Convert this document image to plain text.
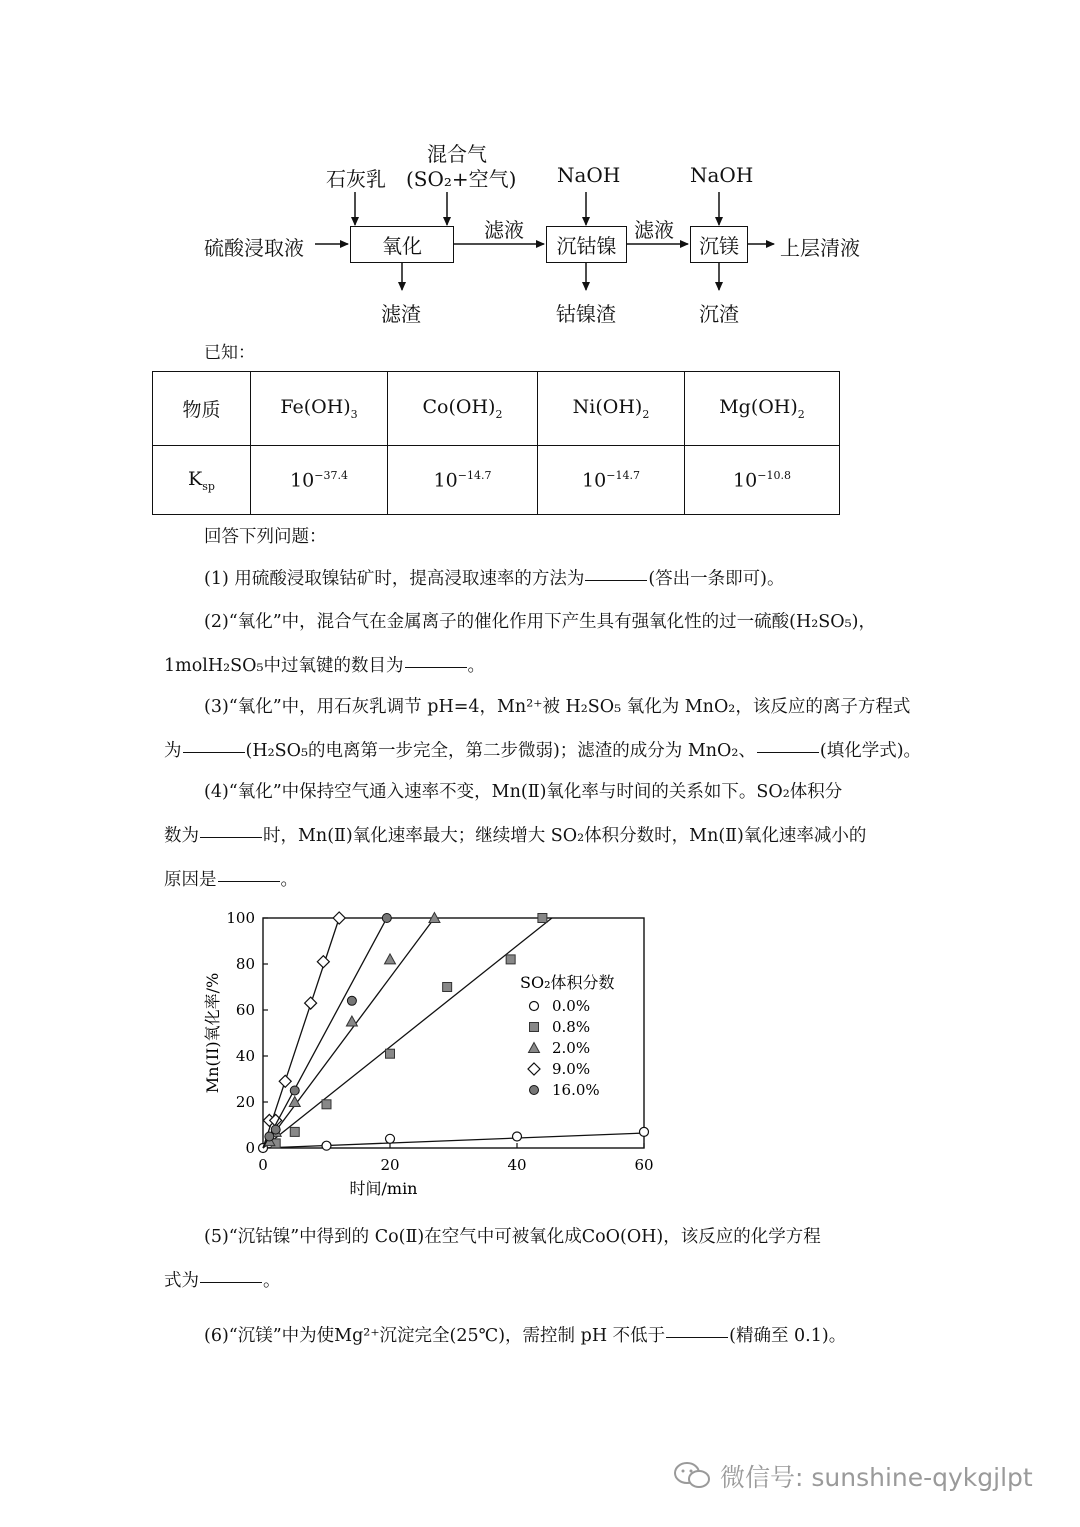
硫酸浸取液
石灰乳
混合气
(SO₂+空气)
氧化
滤液
滤渣
NaOH
沉钴镍
滤液
钴镍渣
NaOH
沉镁	上层清液
沉渣
已知：
物质	$Fe(OH)_3$	$Co(OH)_2$	$Ni(OH)_2$	$Mg(OH)_2$
$K_{sp}$	$10^{-37.4}$	$10^{-14.7}$	$10^{-14.7}$	$10^{-10.8}$
回答下列问题：
(1) 用硫酸浸取镍钴矿时，提高浸取速率的方法为	(答出一条即可)。
(2)“氧化”中，混合气在金属离子的催化作用下产生具有强氧化性的过一硫酸(H₂SO₅)，
1molH₂SO₅中过氧键的数目为	。
(3)“氧化”中，用石灰乳调节 pH=4，Mn²⁺被 H₂SO₅ 氧化为 MnO₂，该反应的离子方程式
为	(H₂SO₅的电离第一步完全，第二步微弱)；滤渣的成分为 MnO₂、	(填化学式)。
(4)“氧化”中保持空气通入速率不变，Mn(Ⅱ)氧化率与时间的关系如下。SO₂体积分
数为	时，Mn(Ⅱ)氧化速率最大；继续增大 SO₂体积分数时，Mn(Ⅱ)氧化速率减小的
原因是	。
0	20	40	60
0
20
40
60
80
100
时间/min
Mn(II)氧化率/%	SO₂体积分数
0.0%
0.8%
2.0%
9.0%
16.0%
(5)“沉钴镍”中得到的 Co(Ⅱ)在空气中可被氧化成CoO(OH)，该反应的化学方程
式为	。
(6)“沉镁”中为使Mg²⁺沉淀完全(25℃)，需控制 pH 不低于	(精确至 0.1)。
微信号: sunshine-qykgjlpt
